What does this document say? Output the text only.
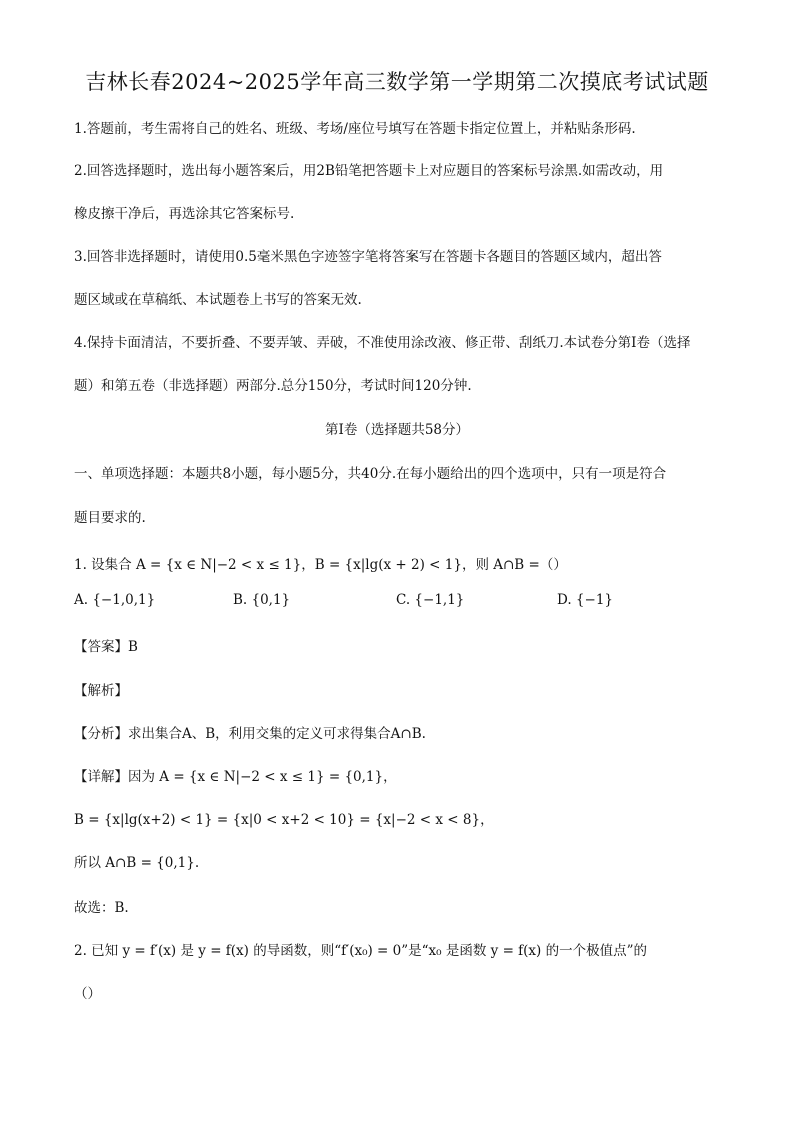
吉林长春2024~2025学年高三数学第一学期第二次摸底考试试题
1.答题前，考生需将自己的姓名、班级、考场/座位号填写在答题卡指定位置上，并粘贴条形码.
2.回答选择题时，选出每小题答案后，用2B铅笔把答题卡上对应题目的答案标号涂黑.如需改动，用
橡皮擦干净后，再选涂其它答案标号.
3.回答非选择题时，请使用0.5毫米黑色字迹签字笔将答案写在答题卡各题目的答题区域内，超出答
题区域或在草稿纸、本试题卷上书写的答案无效.
4.保持卡面清洁，不要折叠、不要弄皱、弄破，不准使用涂改液、修正带、刮纸刀.本试卷分第Ⅰ卷（选择
题）和第五卷（非选择题）两部分.总分150分，考试时间120分钟.
第Ⅰ卷（选择题共58分）
一、单项选择题：本题共8小题，每小题5分，共40分.在每小题给出的四个选项中，只有一项是符合
题目要求的.
1. 设集合 A = {x ∈ N|−2 < x ≤ 1}，B = {x|lg(x + 2) < 1}，则 A∩B =（）
A. {−1,0,1}	B. {0,1}	C. {−1,1}	D. {−1}
【答案】B
【解析】
【分析】求出集合A、B，利用交集的定义可求得集合A∩B.
【详解】因为 A = {x ∈ N|−2 < x ≤ 1} = {0,1}，
B = {x|lg(x+2) < 1} = {x|0 < x+2 < 10} = {x|−2 < x < 8}，
所以 A∩B = {0,1}.
故选：B.
2. 已知 y = f′(x) 是 y = f(x) 的导函数，则“f′(x₀) = 0”是“x₀ 是函数 y = f(x) 的一个极值点”的
（）
